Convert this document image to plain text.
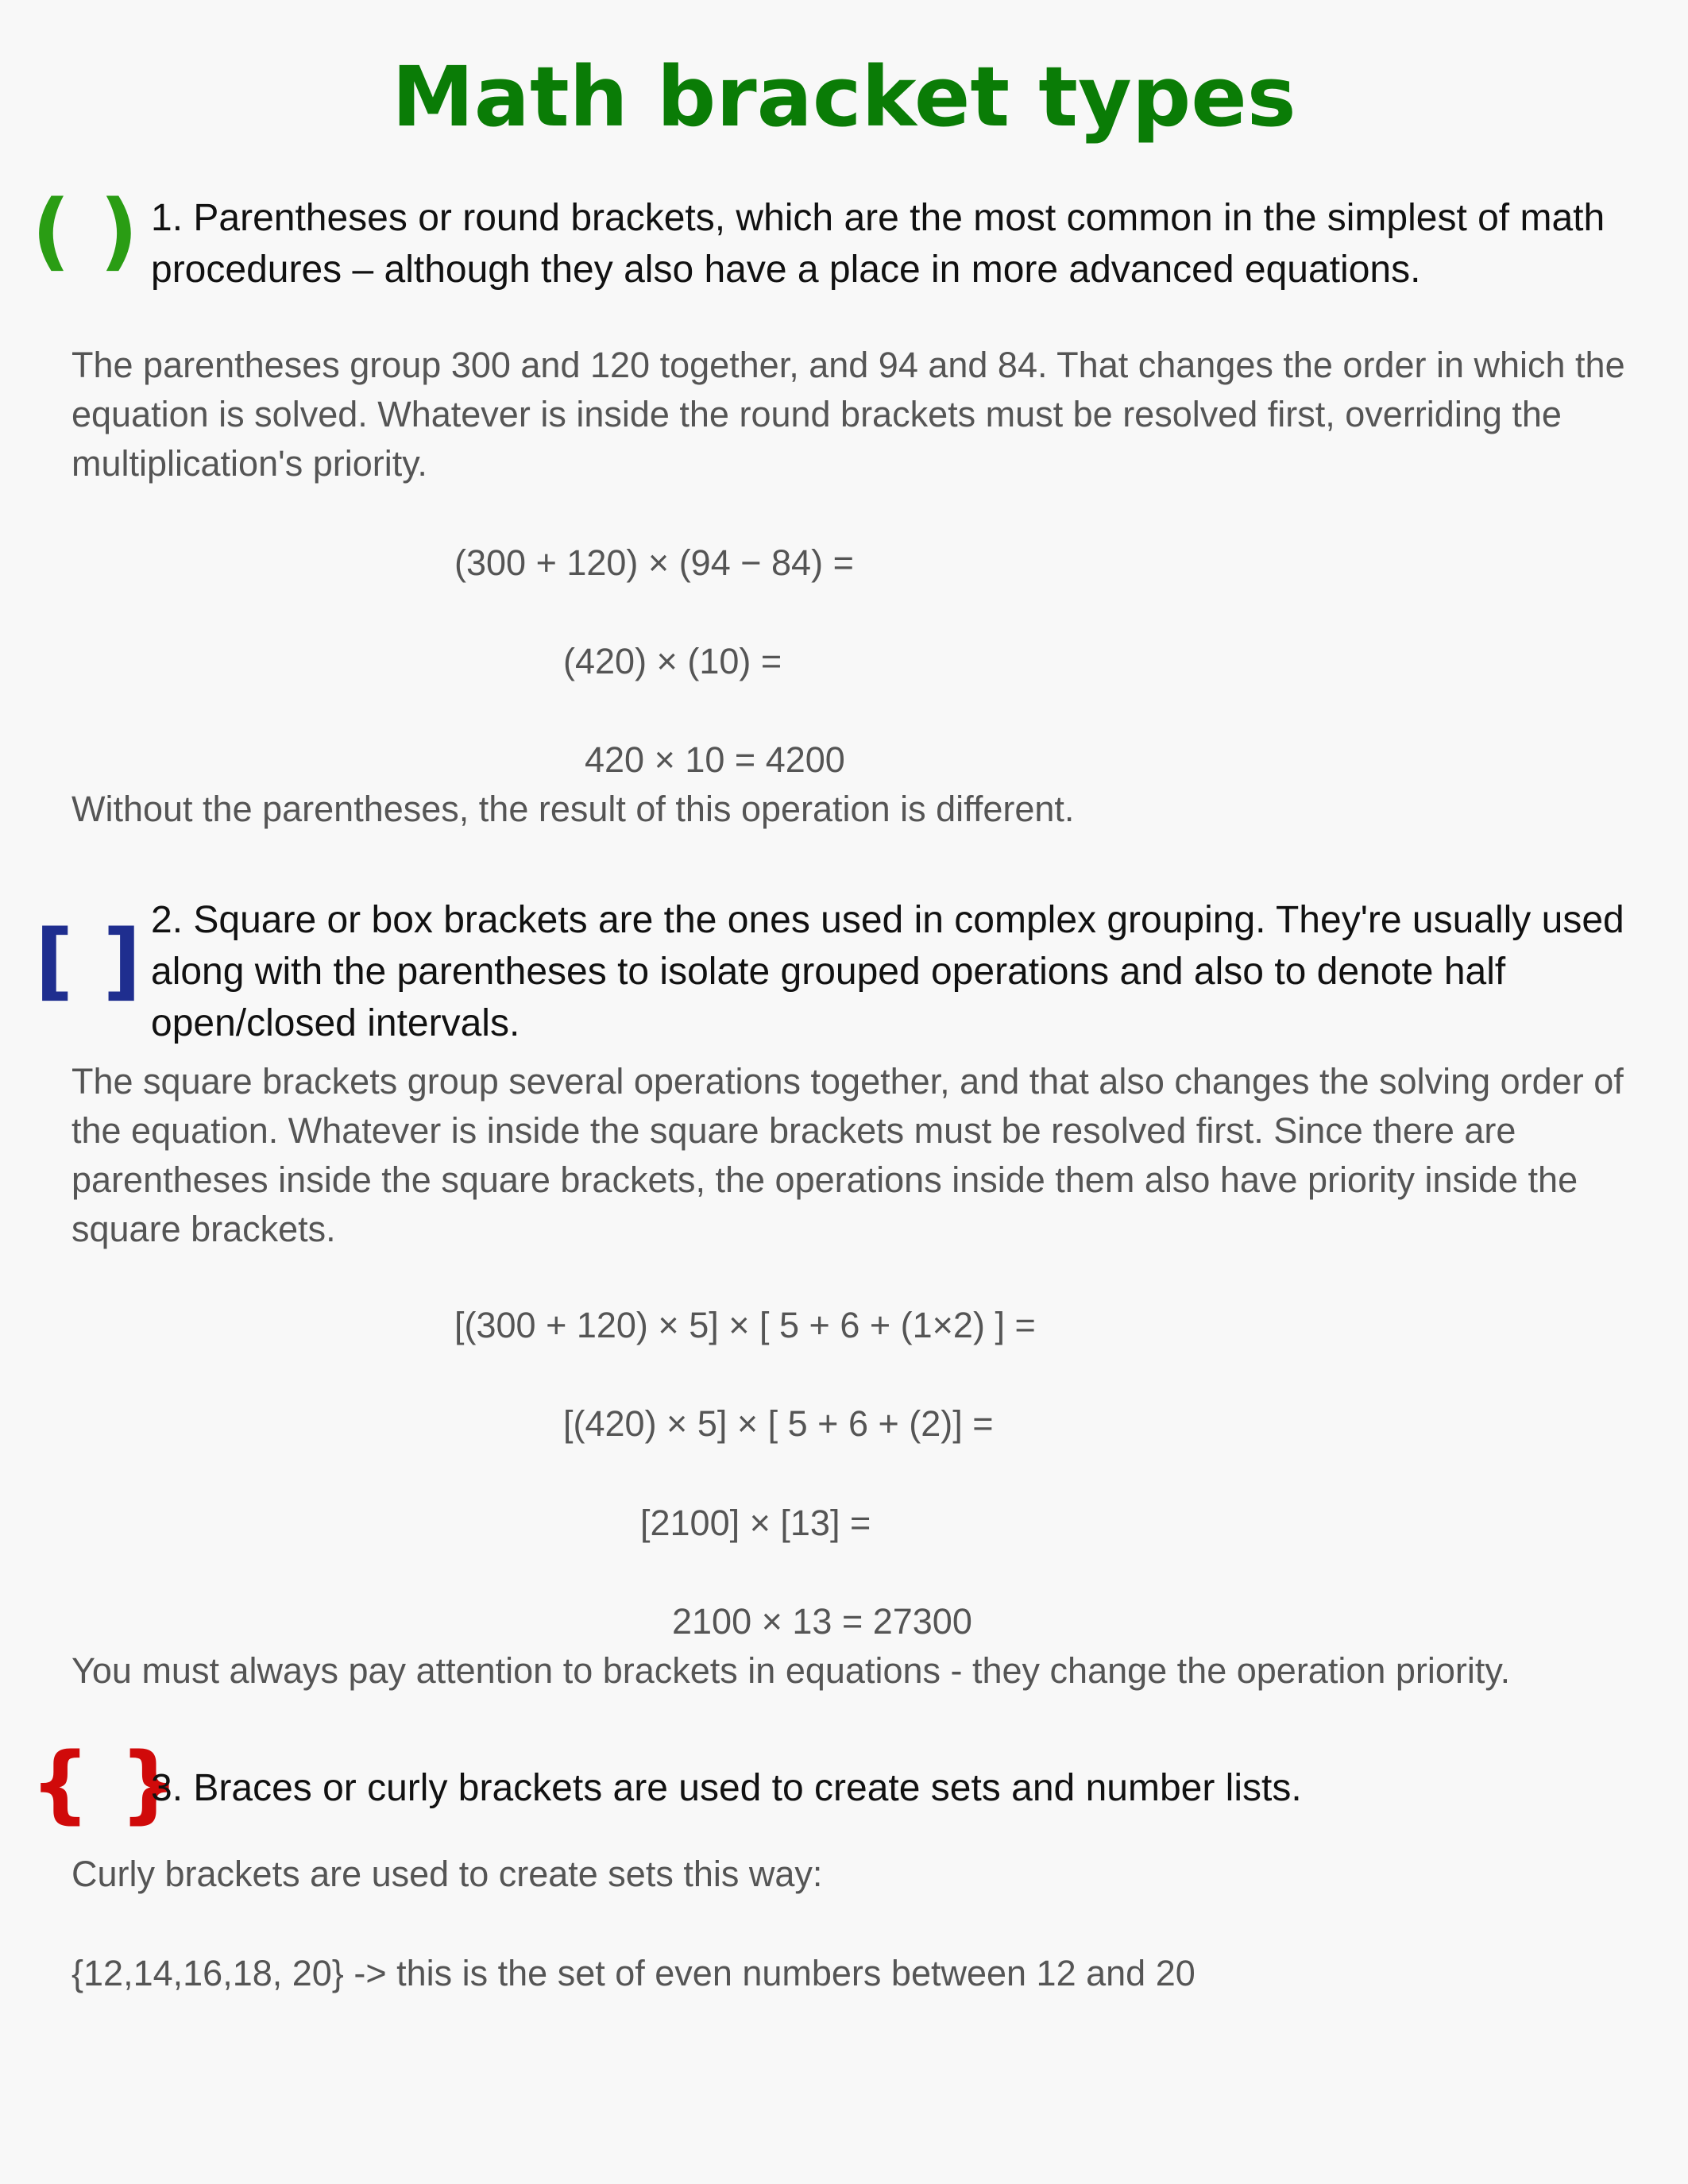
Math bracket types
( ) 1. Parentheses or round brackets, which are the most common in the simplest of math procedures – although they also have a place in more advanced equations.

The parentheses group 300 and 120 together, and 94 and 84. That changes the order in which the equation is solved. Whatever is inside the round brackets must be resolved first, overriding the multiplication's priority.

(300 + 120) × (94 − 84) =

(420) × (10) =

420 × 10 = 4200

Without the parentheses, the result of this operation is different.

[ ] 2. Square or box brackets are the ones used in complex grouping. They're usually used along with the parentheses to isolate grouped operations and also to denote half open/closed intervals.

The square brackets group several operations together, and that also changes the solving order of the equation. Whatever is inside the square brackets must be resolved first. Since there are parentheses inside the square brackets, the operations inside them also have priority inside the square brackets.

[(300 + 120) × 5] × [ 5 + 6 + (1×2) ] =

[(420) × 5] × [ 5 + 6 + (2)] =

[2100] × [13] =

2100 × 13 = 27300

You must always pay attention to brackets in equations - they change the operation priority.

{ }

3. Braces or curly brackets are used to create sets and number lists.

Curly brackets are used to create sets this way:

{12,14,16,18, 20} -> this is the set of even numbers between 12 and 20
